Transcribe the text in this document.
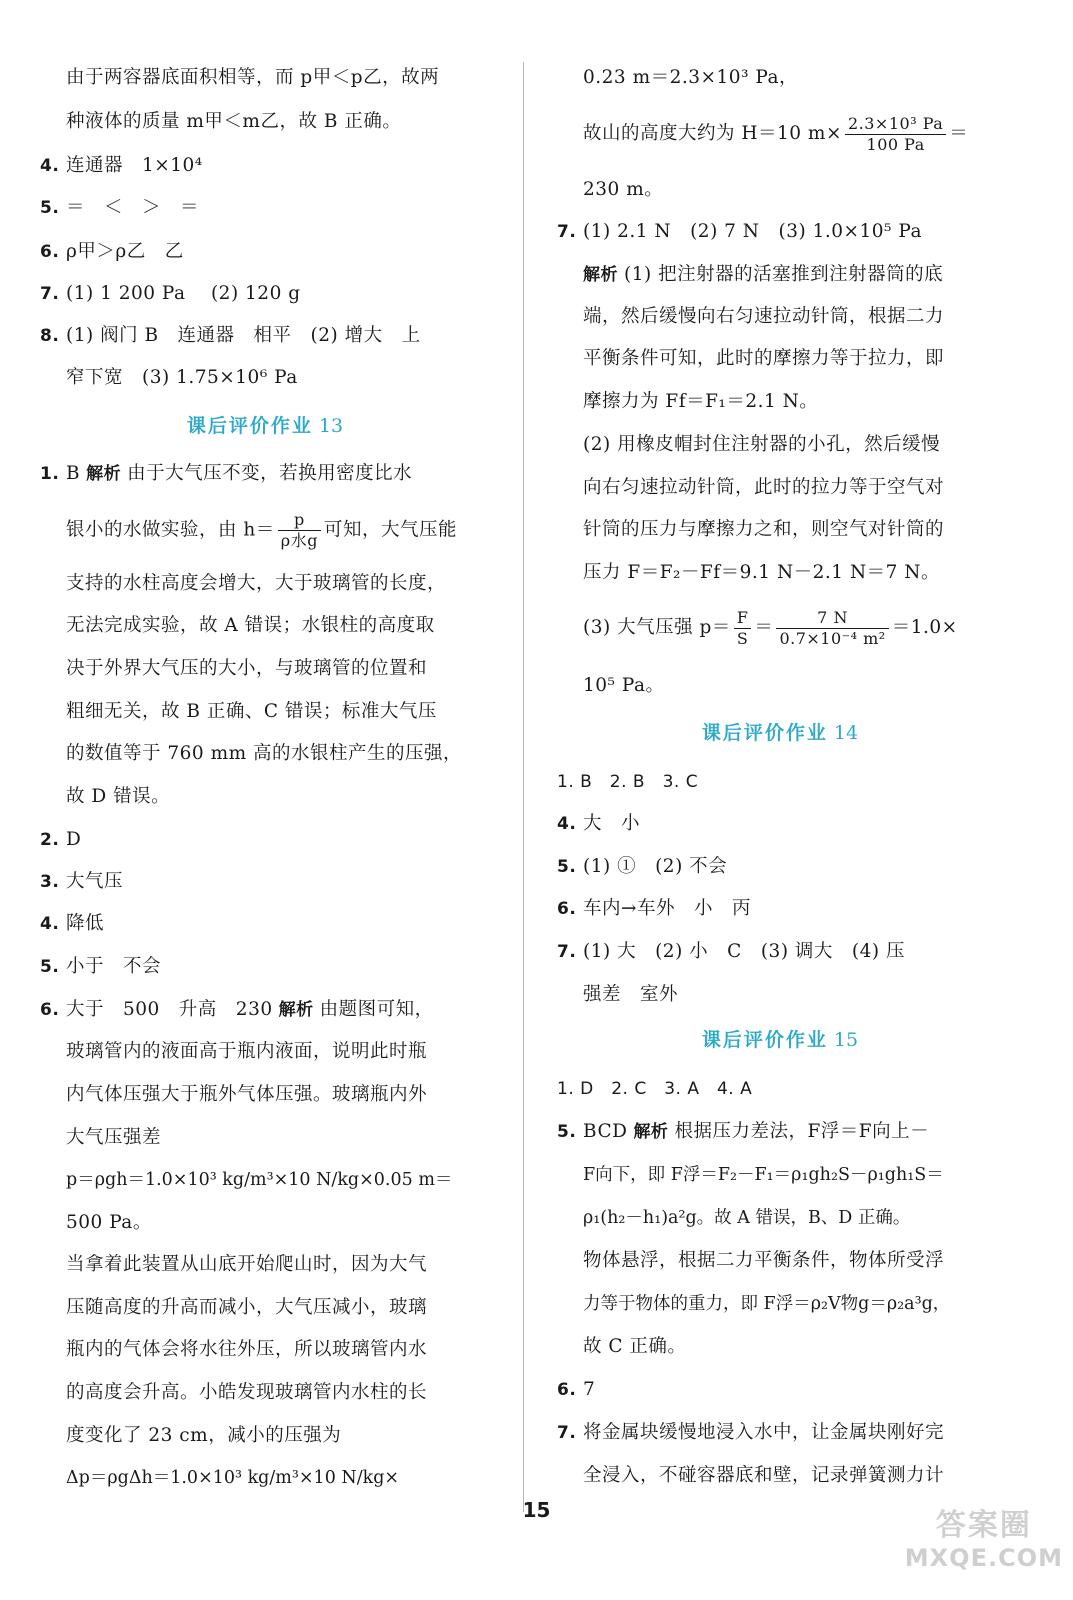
由于两容器底面积相等，而 p甲＜p乙，故两
种液体的质量 m甲＜m乙，故 B 正确。
4. 连通器　1×10⁴
5. ＝　＜　＞　＝
6. ρ甲＞ρ乙　乙
7. (1) 1 200 Pa　 (2) 120 g
8. (1) 阀门 B　连通器　相平　(2) 增大　上
窄下宽　(3) 1.75×10⁶ Pa
课后评价作业 13
1. B 解析 由于大气压不变，若换用密度比水
银小的水做实验，由 $h= \frac{p}{\text{ρ水g}}$ 可知，大气压能
支持的水柱高度会增大，大于玻璃管的长度，
无法完成实验，故 A 错误；水银柱的高度取
决于外界大气压的大小，与玻璃管的位置和
粗细无关，故 B 正确、C 错误；标准大气压
的数值等于 760 mm 高的水银柱产生的压强，
故 D 错误。
2. D
3. 大气压
4. 降低
5. 小于　不会
6. 大于　500　升高　230 解析 由题图可知，
玻璃管内的液面高于瓶内液面，说明此时瓶
内气体压强大于瓶外气体压强。玻璃瓶内外
大气压强差
p＝ρgh＝1.0×10³ kg/m³×10 N/kg×0.05 m＝
500 Pa。
当拿着此装置从山底开始爬山时，因为大气
压随高度的升高而减小，大气压减小，玻璃
瓶内的气体会将水往外压，所以玻璃管内水
的高度会升高。小皓发现玻璃管内水柱的长
度变化了 23 cm，减小的压强为
Δp＝ρgΔh＝1.0×10³ kg/m³×10 N/kg×
0.23 m＝2.3×10³ Pa，
故山的高度大约为 H＝10 $m\times \frac{\text{2.3×10³ Pa}}{100 Pa}$ ＝
230 m。
7. (1) 2.1 N　(2) 7 N　(3) 1.0×10⁵ Pa
解析 (1) 把注射器的活塞推到注射器筒的底
端，然后缓慢向右匀速拉动针筒，根据二力
平衡条件可知，此时的摩擦力等于拉力，即
摩擦力为 Ff＝F₁＝2.1 N。
(2) 用橡皮帽封住注射器的小孔，然后缓慢
向右匀速拉动针筒，此时的拉力等于空气对
针筒的压力与摩擦力之和，则空气对针筒的
压力 F＝F₂－Ff＝9.1 N－2.1 N＝7 N。
(3) 大气压强 $p= \frac{F}{S} = \frac{7 N}{\text{0.7×10⁻⁴ m²}} =1.0\times$
10⁵ Pa。
课后评价作业 14
1. B　2. B　3. C
4. 大　小
5. (1) ①　(2) 不会
6. 车内→车外　小　丙
7. (1) 大　(2) 小　C　(3) 调大　(4) 压
强差　室外
课后评价作业 15
1. D　2. C　3. A　4. A
5. BCD 解析 根据压力差法，F浮＝F向上－
F向下，即 F浮＝F₂－F₁＝ρ₁gh₂S－ρ₁gh₁S＝
ρ₁(h₂－h₁)a²g。故 A 错误，B、D 正确。
物体悬浮，根据二力平衡条件，物体所受浮
力等于物体的重力，即 F浮＝ρ₂V物g＝ρ₂a³g，
故 C 正确。
6. 7
7. 将金属块缓慢地浸入水中，让金属块刚好完
全浸入，不碰容器底和壁，记录弹簧测力计
15	答案圈
MXQE.COM
